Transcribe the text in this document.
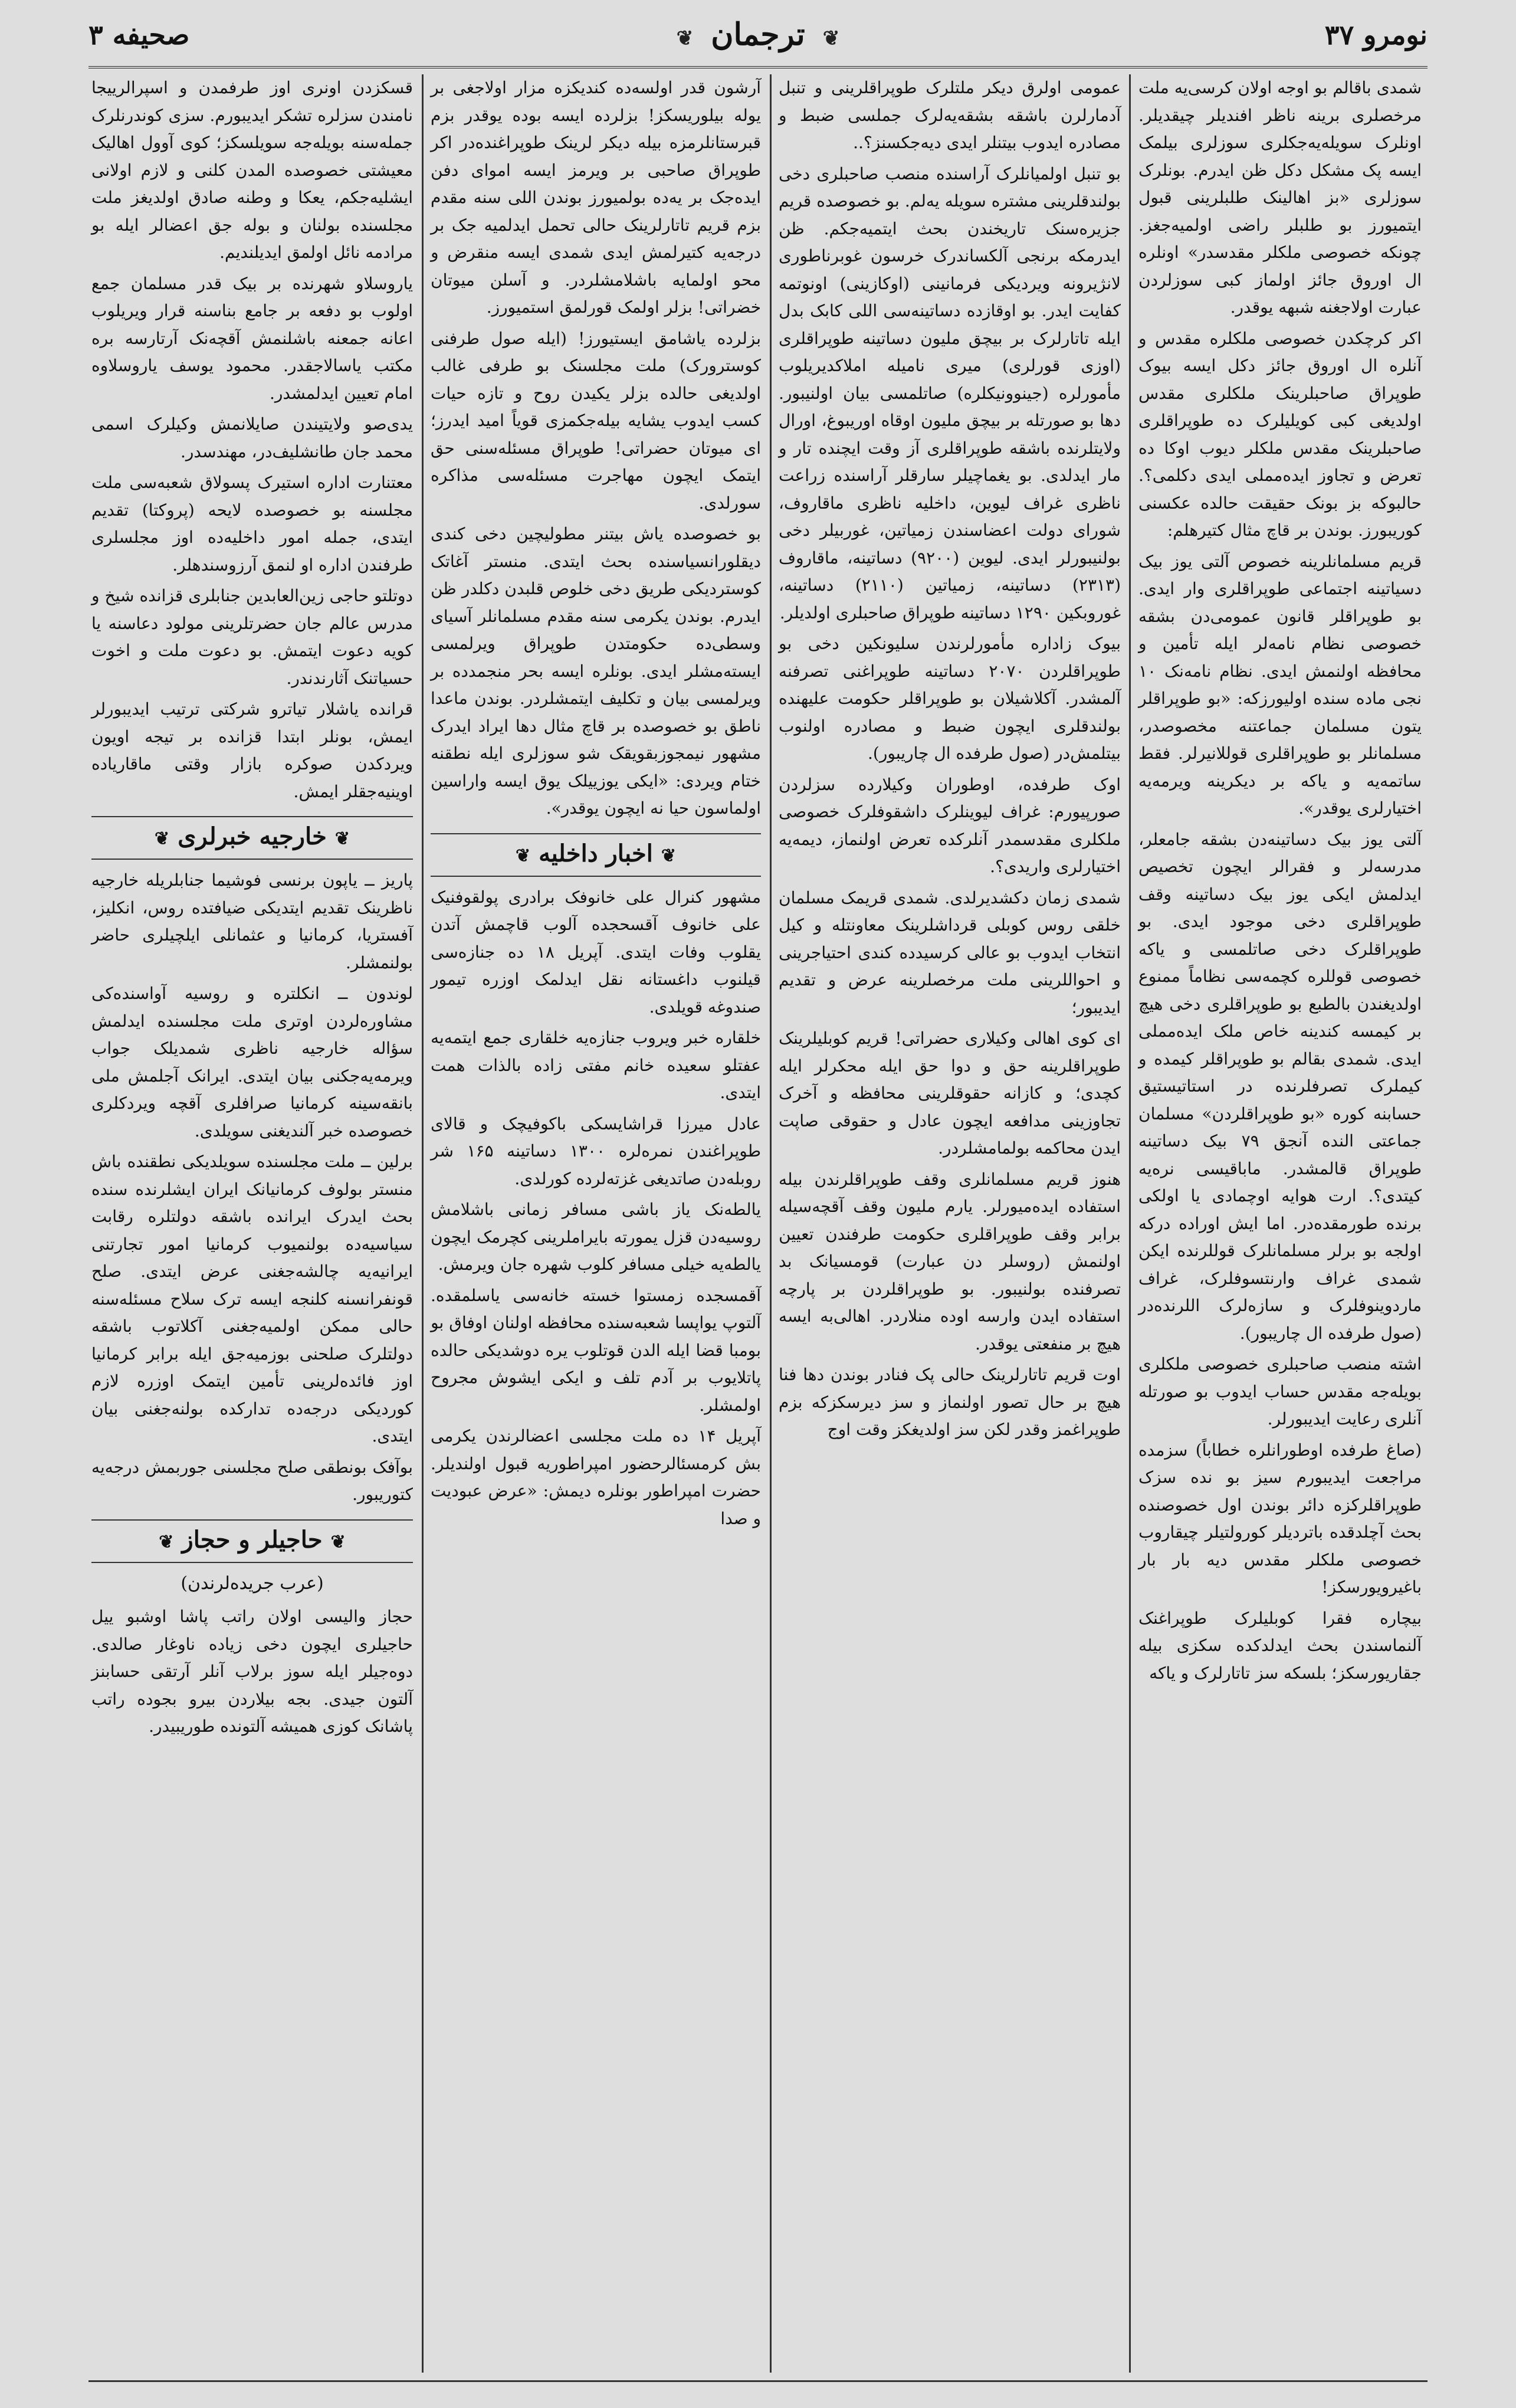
نومرو ۳۷
❦ ترجمان ❦
صحیفه ۳

شمدی باقالم بو اوجه اولان کرسی‌یه ملت مرخصلری برینه ناظر افندیلر چیقدیلر. اونلرک سویله‌یه‌جکلری سوزلری بیلمک ایسه پک مشکل دکل ظن ایدرم. بونلرک سوزلری «بز اهالینک طلبلرینی قبول ایتمیورز بو طلبلر راضی اولمیه‌جغز. چونکه خصوصی ملکلر مقدسدر» اونلره ال اوروق جائز اولماز کبی سوزلردن عبارت اولاجغنه شبهه یوقدر.

اکر کرچکدن خصوصی ملکلره مقدس و آنلره ال اوروق جائز دکل ایسه بیوک طوپراق صاحبلرینک ملکلری مقدس اولدیغی کبی کویلیلرک ده طوپراقلری صاحبلرینک مقدس ملکلر دیوب اوکا ده تعرض و تجاوز ایده‌مملی ایدی دکلمی؟. حالبوکه بز بونک حقیقت حالده عکسنی کوریبورز. بوندن بر قاچ مثال کتیرهلم:

قریم مسلمانلرینه خصوص آلتی یوز بیک دسیاتینه اجتماعی طوپراقلری وار ایدی. بو طوپراقلر قانون عمومی‌دن بشقه خصوصی نظام نامه‌لر ایله تأمین و محافظه اولنمش ایدی. نظام نامه‌نک ۱۰ نجی ماده سنده اولیورزکه: «بو طوپراقلر یتون مسلمان جماعتنه مخصوصدر، مسلمانلر بو طوپراقلری قوللانیرلر. فقط ساتمه‌یه و یاکه بر دیکرینه ویرمه‌یه اختیارلری یوقدر».

آلتی یوز بیک دساتینه‌دن بشقه جامعلر، مدرسه‌لر و فقرالر ایچون تخصیص ایدلمش ایکی یوز بیک دساتینه وقف طوپراقلری دخی موجود ایدی. بو طوپراقلرک دخی صاتلمسی و یاکه خصوصی قوللره کچمه‌سی نظاماً ممنوع اولدیغندن بالطبع بو طوپراقلری دخی هیچ بر کیمسه کندینه خاص ملک ایده‌مملی ایدی. شمدی بقالم بو طوپراقلر کیمده و کیملرک تصرفلرنده در استاتیستیق حسابنه کوره «بو طوپراقلردن» مسلمان جماعتی النده آنجق ۷۹ بیک دساتینه طوپراق قالمشدر. ماباقیسی نره‌یه کیتدی؟. ارت هوایه اوچمادی یا اولکی برنده طورمقده‌در. اما ایش اوراده درکه اولجه بو برلر مسلمانلرک قوللرنده ایکن شمدی غراف وارنتسوفلرک، غراف ماردوینوفلرک و سازه‌لرک اللرنده‌در (صول طرفده ال چاریبور).

اشته منصب صاحبلری خصوصی ملکلری بویله‌جه مقدس حساب ایدوب بو صورتله آنلری رعایت ایدیبورلر.

(صاغ طرفده اوطورانلره خطاباً) سزمده مراجعت ایدیبورم سیز بو نده سزک طوپراقلرکزه دائر بوندن اول خصوصنده بحث آچلدقده باتردیلر کورولتیلر چیقاروب خصوصی ملکلر مقدس دیه بار بار باغیرویورسکز!

بیچاره فقرا کوبلیلرک طوپراغنک آلنماسندن بحث ایدلدکده سکزی بیله جقاریورسکز؛ بلسکه سز تاتارلرک و یاکه

عمومی اولرق دیکر ملتلرک طوپراقلرینی و تنبل آدمارلرن باشقه بشقه‌یه‌لرک جملسی ضبط و مصادره ایدوب بیتنلر ایدی دیه‌جکسنز؟..

بو تنبل اولمیانلرک آراسنده منصب صاحبلری دخی بولندقلرینی مشتره سویله یه‌لم. بو خصوصده قریم جزیره‌سنک تاریخندن بحث ایتمیه‌جکم. ظن ایدرمکه برنجی آلکساندرک خرسون غوبرناطوری لانژیرونه ویردیکی فرمانینی (اوکازینی) اونوتمه کفایت ایدر. بو اوقازده دساتینه‌سی اللی کابک بدل ایله تاتارلرک بر بیچق ملیون دساتینه طوپراقلری (اوزی قورلری) میری نامیله املاکدیریلوب مأمورلره (جینوونیکلره) صاتلمسی بیان اولنیبور. دها بو صورتله بر بیچق ملیون اوقاه اوریبوغ، اورال ولایتلرنده باشقه طوپراقلری آز وقت ایچنده تار و مار ایدلدی. بو یغماچیلر سارقلر آراسنده زراعت ناظری غراف لیوین، داخلیه ناظری ماقاروف، شورای دولت اعضاسندن زمیاتین، غوربیلر دخی بولنیبورلر ایدی. لیوین (۹۲۰۰) دساتینه، ماقاروف (۲۳۱۳) دساتینه، زمیاتین (۲۱۱۰) دساتینه، غوروبکین ۱۲۹۰ دساتینه طوپراق صاحبلری اولدیلر.

بیوک زاداره مأمورلرندن سلیونکین دخی بو طوپراقلردن ۲۰۷۰ دساتینه طوپراغنی تصرفنه آلمشدر. آکلاشیلان بو طوپراقلر حکومت علیهنده بولندقلری ایچون ضبط و مصادره اولنوب بیتلمش‌در (صول طرفده ال چاریبور).

اوک طرفده، اوطوران وکیلارده سزلردن صورپیورم: غراف لیوینلرک داشقوفلرک خصوصی ملکلری مقدسمدر آنلرکده تعرض اولنماز، دیمه‌یه اختیارلری واریدی؟.

شمدی زمان دکشدیرلدی. شمدی قریمک مسلمان خلقی روس کوبلی قرداشلرینک معاونتله و کیل انتخاب ایدوب بو عالی کرسیدده کندی احتیاجرینی و احواللرینی ملت مرخصلرینه عرض و تقدیم ایدیبور؛

ای کوی اهالی وکیلاری حضراتی! قریم کوبلیلرینک طوپراقلرینه حق و دوا حق ایله محکرلر ایله کچدی؛ و کازانه حقوقلرینی محافظه و آخرک تجاوزینی مدافعه ایچون عادل و حقوقی صاپت ایدن محاکمه بولمامشلردر.

هنوز قریم مسلمانلری وقف طوپراقلرندن بیله استفاده ایده‌میورلر. یارم ملیون وقف آقچه‌سیله برابر وقف طوپراقلری حکومت طرفندن تعیین اولنمش (روسلر دن عبارت) قومسیانک بد تصرفنده بولنیبور. بو طوپراقلردن بر پارچه استفاده ایدن وارسه اوده منلاردر. اهالی‌به ایسه هیچ بر منفعتی یوقدر.

اوت قریم تاتارلرینک حالی پک فنادر بوندن دها فنا هیچ بر حال تصور اولنماز و سز دیرسکزکه بزم طوپراغمز وقدر لکن سز اولدیغکز وقت اوج

آرشون قدر اولسه‌ده کندیکزه مزار اولاجغی بر یوله بیلوریسکز! بزلرده ایسه بوده یوقدر بزم قبرستانلرمزه بیله دیکر لرینک طوپراغنده‌در اکر طوپراق صاحبی بر ویرمز ایسه اموای دفن ایده‌جک بر یه‌ده بولمیورز بوندن اللی سنه مقدم بزم قریم تاتارلرینک حالی تحمل ایدلمیه جک بر درجه‌یه کتیرلمش ایدی شمدی ایسه منقرض و محو اولمایه باشلامشلردر. و آسلن میوتان خضراتی! بزلر اولمک قورلمق استمیورز.

بزلرده یاشامق ایستیورز! (ایله صول طرفنی کوسترورک) ملت مجلسنک بو طرفی غالب اولدیغی حالده بزلر یکیدن روح و تازه حیات کسب ایدوب یشایه بیله‌جکمزی قویاً امید ایدرز؛ ای میوتان حضراتی! طوپراق مسئله‌سنی حق ایتمک ایچون مهاجرت مسئله‌سی مذاکره سورلدی.

بو خصوصده یاش بیتنر مطولیچین دخی کندی دیقلورانسیاسنده بحث ایتدی. منستر آغاتک کوستردیکی طریق دخی خلوص قلبدن دکلدر ظن ایدرم. بوندن یکرمی سنه مقدم مسلمانلر آسیای وسطی‌ده حکومتدن طوپراق ویرلمسی ایسته‌مشلر ایدی. بونلره ایسه بحر منجمدده بر ویرلمسی بیان و تکلیف ایتمشلردر. بوندن ماعدا ناطق بو خصوصده بر قاچ مثال دها ایراد ایدرک مشهور نیمجوزبقویقک شو سوزلری ایله نطقنه ختام ویردی: «ایکی یوزییلک یوق ایسه واراسین اولماسون حیا نه ایچون یوقدر».

❦اخبار داخلیه❦

مشهور کنرال علی خانوفک برادری پولقوفنیک علی خانوف آقسحجده آلوب قاچمش آتدن یقلوب وفات ایتدی. آپریل ۱۸ ده جنازه‌سی قیلنوب داغستانه نقل ایدلمک اوزره تیمور صندوغه قویلدی.

خلقاره خبر ویروب جنازه‌یه خلقاری جمع ایتمه‌یه عفتلو سعیده خانم مفتی زاده بالذات همت ایتدی.

عادل میرزا قراشایسکی باکوفیچک و قالای طوپراغندن نمره‌لره ۱۳۰۰ دساتینه ۱۶۵ شر روبله‌دن صاتدیغی غزته‌لرده کورلدی.

یالطه‌نک یاز باشی مسافر زمانی باشلامش روسیه‌دن قزل یمورته بایراملرینی کچرمک ایچون یالطه‌یه خیلی مسافر کلوب شهره جان ویرمش.

آقمسجده زمستوا خسته خانه‌سی یاسلمقده. آلتوپ یواپسا شعبه‌سنده محافظه اولنان اوفاق بو بومبا قضا ایله الدن قوتلوب یره دوشدیکی حالده پاتلایوب بر آدم تلف و ایکی ایشوش مجروح اولمشلر.

آپریل ۱۴ ده ملت مجلسی اعضالرندن یکرمی بش کرمسئالرحضور امپراطوریه قبول اولندیلر. حضرت امپراطور بونلره دیمش: «عرض عبودیت و صدا

قسکزدن اونری اوز طرفمدن و اسپرالرییجا نامندن سزلره تشکر ایدیبورم. سزی کوندرنلرک جمله‌سنه بویله‌جه سویلسکز؛ کوی آوول اهالیک معیشتی خصوصده المدن کلنی و لازم اولانی ایشلیه‌جکم، یعکا و وطنه صادق اولدیغز ملت مجلسنده بولنان و بوله جق اعضالر ایله بو مرادمه نائل اولمق ایدیلندیم.

یاروسلاو شهرنده بر بیک قدر مسلمان جمع اولوب بو دفعه بر جامع بناسنه قرار ویریلوب اعانه جمعنه باشلنمش آقچه‌نک آرتارسه بره مکتب یاسالاجقدر. محمود یوسف یاروسلاوه امام تعیین ایدلمشدر.

یدی‌صو ولایتیندن صایلانمش وکیلرک اسمی محمد جان طانشلیف‌در، مهندسدر.

معتنارت اداره استیرک پسولاق شعبه‌سی ملت مجلسنه بو خصوصده لایحه (پروکتا) تقدیم ایتدی، جمله امور داخلیه‌ده اوز مجلسلری طرفندن اداره او لنمق آرزوسندهلر.

دوتلتو حاجی زین‌العابدین جنابلری قزانده شیخ و مدرس عالم جان حضرتلرینی مولود دعاسنه یا کویه دعوت ایتمش. بو دعوت ملت و اخوت حسیاتنک آثارندندر.

قرانده یاشلار تیاترو شرکتی ترتیب ایدیبورلر ایمش، بونلر ابتدا قزانده بر تیجه اویون ویردکدن صوکره بازار وقتی ماقاریاده اوینیه‌جقلر ایمش.

❦خارجیه خبرلری❦

پاریز ــ یاپون برنسی فوشیما جنابلریله خارجیه ناظرینک تقدیم ایتدیکی ضیافتده روس، انکلیز، آفستریا، کرمانیا و عثمانلی ایلچیلری حاضر بولنمشلر.

لوندون ــ انکلتره و روسیه آواسنده‌کی مشاوره‌لردن اوتری ملت مجلسنده ایدلمش سؤاله خارجیه ناظری شمدیلک جواب ویرمه‌یه‌جکنی بیان ایتدی. ایرانک آجلمش ملی بانقه‌سینه کرمانیا صرافلری آقچه ویردکلری خصوصده خبر آلندیغنی سویلدی.

برلین ــ ملت مجلسنده سویلدیکی نطقنده باش منستر بولوف کرمانیانک ایران ایشلرنده سنده بحث ایدرک ایرانده باشقه دولتلره رقابت سیاسیه‌ده بولنمیوب کرمانیا امور تجارتنی ایرانیه‌یه چالشه‌جغنی عرض ایتدی. صلح قونفرانسنه کلنجه ایسه ترک سلاح مسئله‌سنه حالی ممکن اولمیه‌جغنی آکلاتوب باشقه دولتلرک صلحنی بوزمیه‌جق ایله برابر کرمانیا اوز فائده‌لرینی تأمین ایتمک اوزره لازم کوردیکی درجه‌ده تدارکده بولنه‌جغنی بیان ایتدی.

بوآفک بونطقی صلح مجلسنی جوربمش درجه‌یه کتوریبور.

❦حاجیلر و حجاز❦
(عرب جریده‌لرندن)

حجاز والیسی اولان راتب پاشا اوشبو ییل حاجیلری ایچون دخی زیاده ناوغار صالدی. دوه‌جیلر ایله سوز برلاب آنلر آرتقی حسابنز آلتون جیدی. بجه بیلاردن بیرو بجوده راتب پاشانک کوزی همیشه آلتونده طوریبیدر.
